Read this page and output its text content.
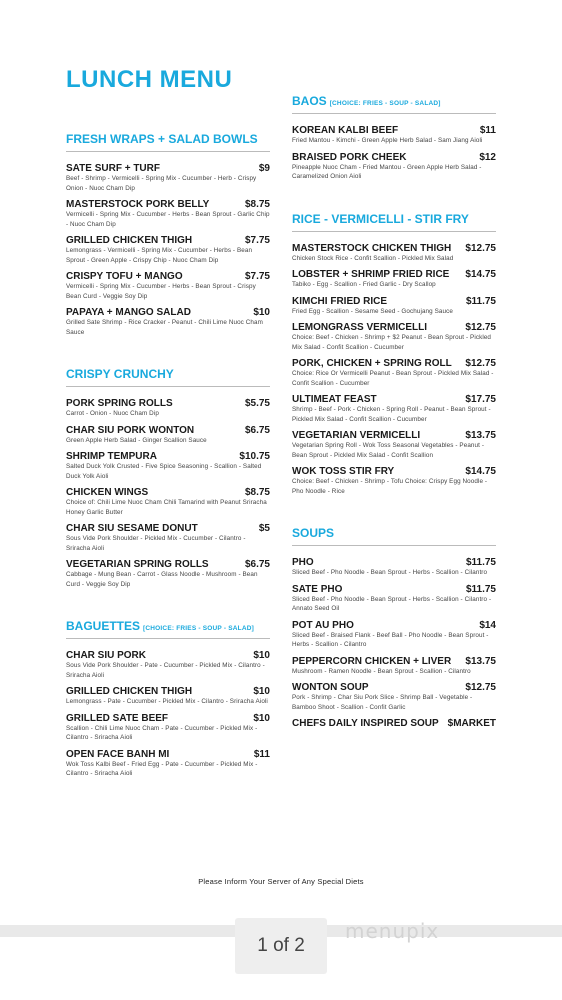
LUNCH MENU
FRESH WRAPS + SALAD BOWLS
SATE SURF + TURF	$9
Beef - Shrimp - Vermicelli - Spring Mix - Cucumber - Herb - Crispy Onion - Nuoc Cham Dip
MASTERSTOCK PORK BELLY	$8.75
Vermicelli - Spring Mix - Cucumber - Herbs - Bean Sprout - Garlic Chip - Nuoc Cham Dip
GRILLED CHICKEN THIGH	$7.75
Lemongrass - Vermicelli - Spring Mix - Cucumber - Herbs - Bean Sprout - Green Apple - Crispy Chip - Nuoc Cham Dip
CRISPY TOFU + MANGO	$7.75
Vermicelli - Spring Mix - Cucumber - Herbs - Bean Sprout - Crispy Bean Curd - Veggie Soy Dip
PAPAYA + MANGO SALAD	$10
Grilled Sate Shrimp - Rice Cracker - Peanut - Chili Lime Nuoc Cham Sauce
CRISPY CRUNCHY
PORK SPRING ROLLS	$5.75
Carrot - Onion - Nuoc Cham Dip
CHAR SIU PORK WONTON	$6.75
Green Apple Herb Salad - Ginger Scallion Sauce
SHRIMP TEMPURA	$10.75
Salted Duck Yolk Crusted - Five Spice Seasoning - Scallion - Salted Duck Yolk Aioli
CHICKEN WINGS	$8.75
Choice of: Chili Lime Nuoc Cham Chili Tamarind with Peanut Sriracha Honey Garlic Butter
CHAR SIU SESAME DONUT	$5
Sous Vide Pork Shoulder - Pickled Mix - Cucumber - Cilantro - Sriracha Aioli
VEGETARIAN SPRING ROLLS	$6.75
Cabbage - Mung Bean - Carrot - Glass Noodle - Mushroom - Bean Curd - Veggie Soy Dip
BAGUETTES [CHOICE: FRIES - SOUP - SALAD]
CHAR SIU PORK	$10
Sous Vide Pork Shoulder - Pate - Cucumber - Pickled Mix - Cilantro - Sriracha Aioli
GRILLED CHICKEN THIGH	$10
Lemongrass - Pate - Cucumber - Pickled Mix - Cilantro - Sriracha Aioli
GRILLED SATE BEEF	$10
Scallion - Chili Lime Nuoc Cham - Pate - Cucumber - Pickled Mix - Cilantro - Sriracha Aioli
OPEN FACE BANH MI	$11
Wok Toss Kalbi Beef - Fried Egg - Pate - Cucumber - Pickled Mix - Cilantro - Sriracha Aioli
BAOS [CHOICE: FRIES - SOUP - SALAD]
KOREAN KALBI BEEF	$11
Fried Mantou - Kimchi - Green Apple Herb Salad - Sam Jiang Aioli
BRAISED PORK CHEEK	$12
Pineapple Nuoc Cham - Fried Mantou - Green Apple Herb Salad - Caramelized Onion Aioli
RICE - VERMICELLI - STIR FRY
MASTERSTOCK CHICKEN THIGH $12.75
Chicken Stock Rice - Confit Scallion - Pickled Mix Salad
LOBSTER + SHRIMP FRIED RICE $14.75
Tabiko - Egg - Scallion - Fried Garlic - Dry Scallop
KIMCHI FRIED RICE	$11.75
Fried Egg - Scallion - Sesame Seed - Gochujang Sauce
LEMONGRASS VERMICELLI	$12.75
Choice: Beef - Chicken - Shrimp + $2 Peanut - Bean Sprout - Pickled Mix Salad - Confit Scallion - Cucumber
PORK, CHICKEN + SPRING ROLL $12.75
Choice: Rice Or Vermicelli Peanut - Bean Sprout - Pickled Mix Salad - Confit Scallion - Cucumber
ULTIMEAT FEAST	$17.75
Shrimp - Beef - Pork - Chicken - Spring Roll - Peanut - Bean Sprout - Pickled Mix Salad - Confit Scallion - Cucumber
VEGETARIAN VERMICELLI	$13.75
Vegetarian Spring Roll - Wok Toss Seasonal Vegetables - Peanut - Bean Sprout - Pickled Mix Salad - Confit Scallion
WOK TOSS STIR FRY	$14.75
Choice: Beef - Chicken - Shrimp - Tofu Choice: Crispy Egg Noodle - Pho Noodle - Rice
SOUPS
PHO	$11.75
Sliced Beef - Pho Noodle - Bean Sprout - Herbs - Scallion - Cilantro
SATE PHO	$11.75
Sliced Beef - Pho Noodle - Bean Sprout - Herbs - Scallion - Cilantro - Annato Seed Oil
POT AU PHO	$14
Sliced Beef - Braised Flank - Beef Ball - Pho Noodle - Bean Sprout - Herbs - Scallion - Cilantro
PEPPERCORN CHICKEN + LIVER $13.75
Mushroom - Ramen Noodle - Bean Sprout - Scallion - Cilantro
WONTON SOUP	$12.75
Pork - Shrimp - Char Siu Pork Slice - Shrimp Ball - Vegetable - Bamboo Shoot - Scallion - Confit Garlic
CHEFS DAILY INSPIRED SOUP $MARKET
Please Inform Your Server of Any Special Diets
1 of 2
menupix
